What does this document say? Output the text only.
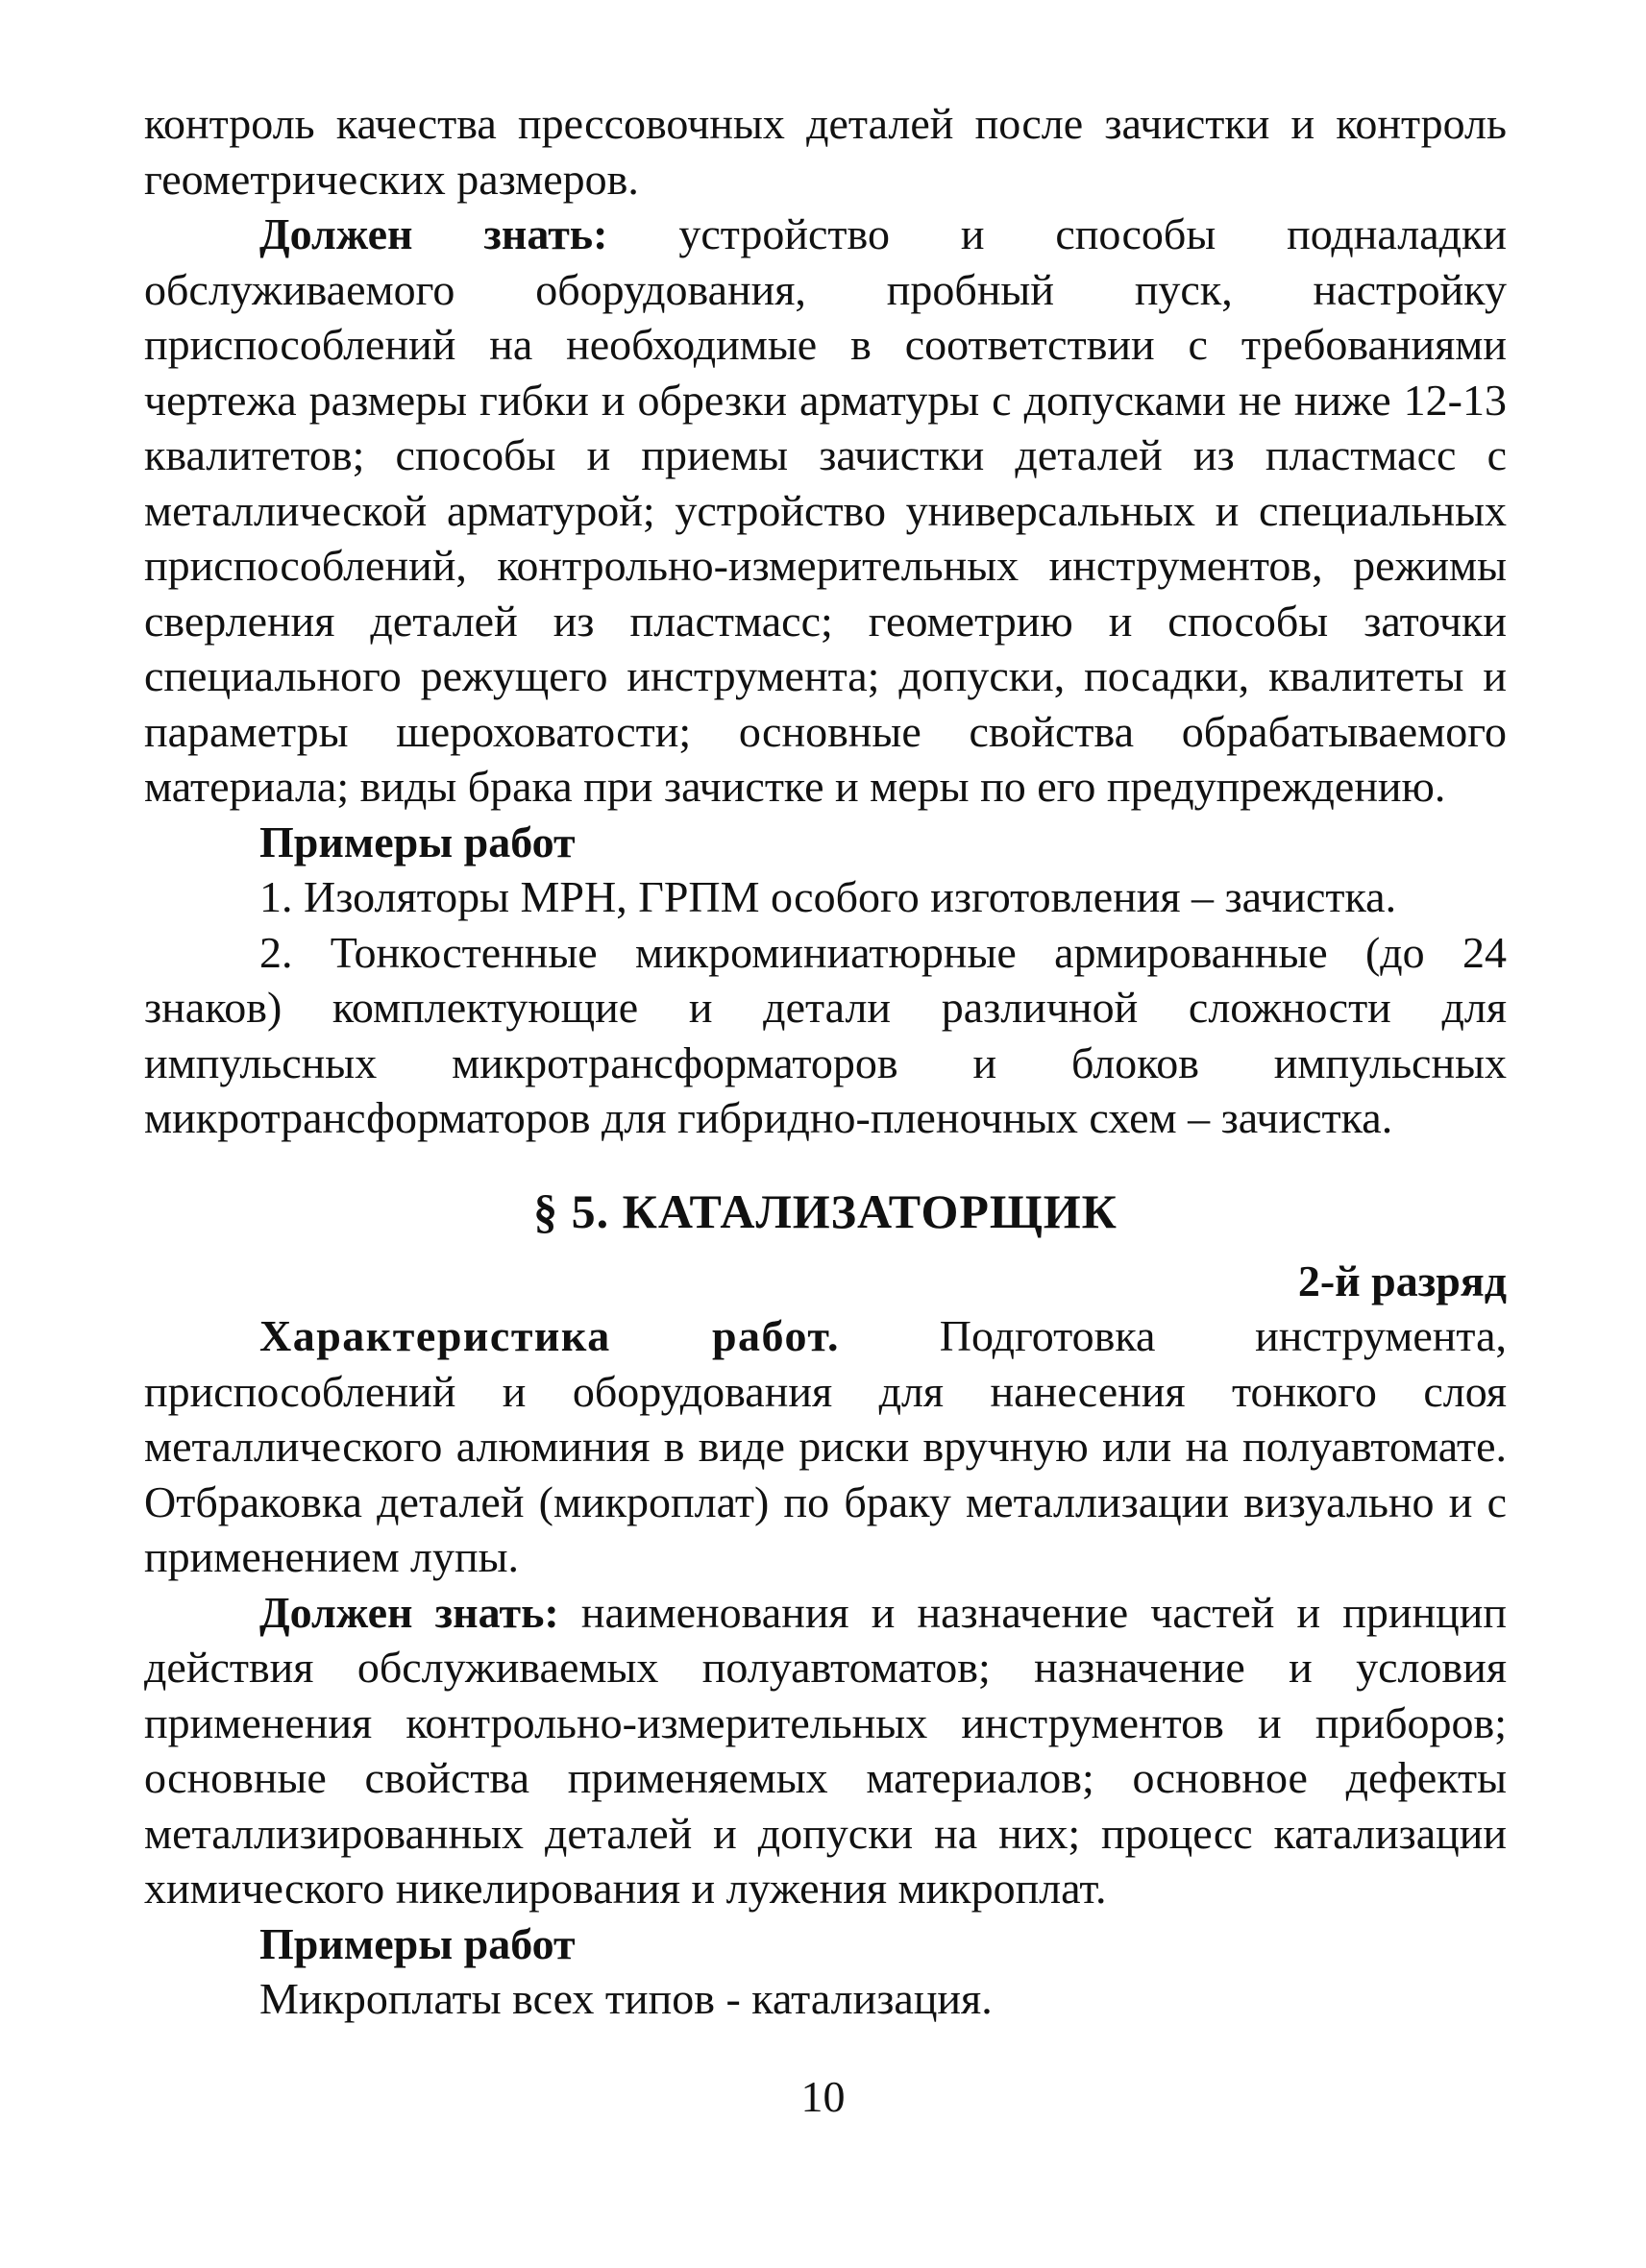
контроль качества прессовочных деталей после зачистки и контроль геометрических размеров.

Должен знать: устройство и способы подналадки обслуживаемого оборудования, пробный пуск, настройку приспособлений на необходимые в соответствии с требованиями чертежа размеры гибки и обрезки арматуры с допусками не ниже 12-13 квалитетов; способы и приемы зачистки деталей из пластмасс с металлической арматурой; устройство универсальных и специальных приспособлений, контрольно-измерительных инструментов, режимы сверления деталей из пластмасс; геометрию и способы заточки специального режущего инструмента; допуски, посадки, квалитеты и параметры шероховатости; основные свойства обрабатываемого материала; виды брака при зачистке и меры по его предупреждению.

Примеры работ

1. Изоляторы МРН, ГРПМ особого изготовления – зачистка.

2. Тонкостенные микроминиатюрные армированные (до 24 знаков) комплектующие и детали различной сложности для импульсных микротрансформаторов и блоков импульсных микротрансформаторов для гибридно-пленочных схем – зачистка.

§ 5. КАТАЛИЗАТОРЩИК

2-й разряд

Характеристика работ. Подготовка инструмента, приспособлений и оборудования для нанесения тонкого слоя металлического алюминия в виде риски вручную или на полуавтомате. Отбраковка деталей (микроплат) по браку металлизации визуально и с применением лупы.

Должен знать: наименования и назначение частей и принцип действия обслуживаемых полуавтоматов; назначение и условия применения контрольно-измерительных инструментов и приборов; основные свойства применяемых материалов; основное дефекты металлизированных деталей и допуски на них; процесс катализации химического никелирования и лужения микроплат.

Примеры работ

Микроплаты всех типов - катализация.

10
